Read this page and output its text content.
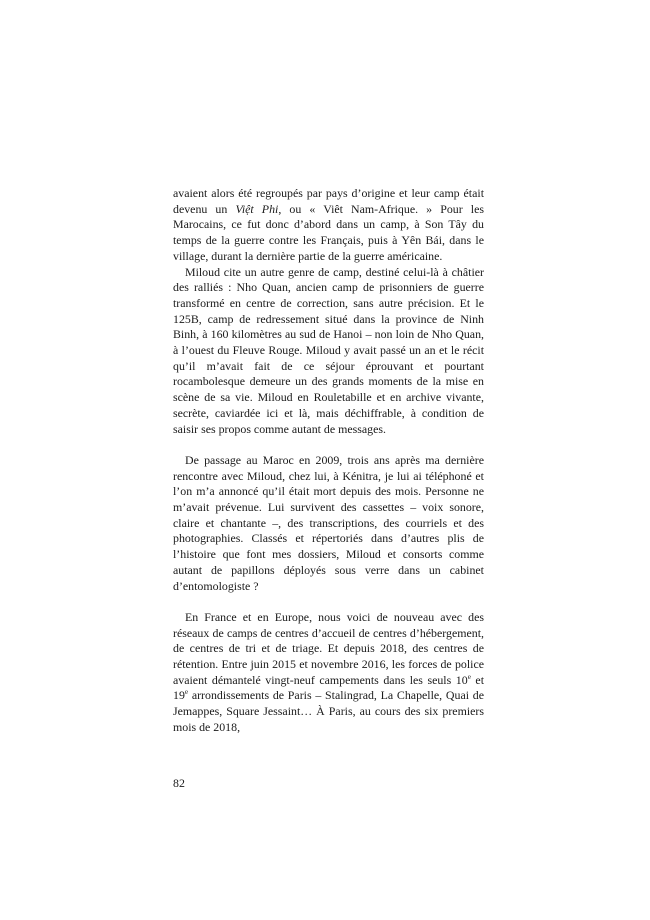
avaient alors été regroupés par pays d’origine et leur camp était devenu un Việt Phi, ou « Viêt Nam-Afrique. » Pour les Marocains, ce fut donc d’abord dans un camp, à Son Tây du temps de la guerre contre les Français, puis à Yên Bái, dans le village, durant la dernière partie de la guerre américaine.

Miloud cite un autre genre de camp, destiné celui-là à châtier des ralliés : Nho Quan, ancien camp de prisonniers de guerre transformé en centre de correction, sans autre précision. Et le 125B, camp de redressement situé dans la province de Ninh Binh, à 160 kilomètres au sud de Hanoi – non loin de Nho Quan, à l’ouest du Fleuve Rouge. Miloud y avait passé un an et le récit qu’il m’avait fait de ce séjour éprouvant et pourtant rocambolesque demeure un des grands moments de la mise en scène de sa vie. Miloud en Rouletabille et en archive vivante, secrète, caviardée ici et là, mais déchiffrable, à condition de saisir ses propos comme autant de messages.

De passage au Maroc en 2009, trois ans après ma dernière rencontre avec Miloud, chez lui, à Kénitra, je lui ai téléphoné et l’on m’a annoncé qu’il était mort depuis des mois. Personne ne m’avait prévenue. Lui survivent des cassettes – voix sonore, claire et chantante –, des transcriptions, des courriels et des photographies. Classés et répertoriés dans d’autres plis de l’histoire que font mes dossiers, Miloud et consorts comme autant de papillons déployés sous verre dans un cabinet d’entomologiste ?

En France et en Europe, nous voici de nouveau avec des réseaux de camps de centres d’accueil de centres d’hébergement, de centres de tri et de triage. Et depuis 2018, des centres de rétention. Entre juin 2015 et novembre 2016, les forces de police avaient démantelé vingt-neuf campements dans les seuls 10e et 19e arrondissements de Paris – Stalingrad, La Chapelle, Quai de Jemappes, Square Jessaint… À Paris, au cours des six premiers mois de 2018,

82
